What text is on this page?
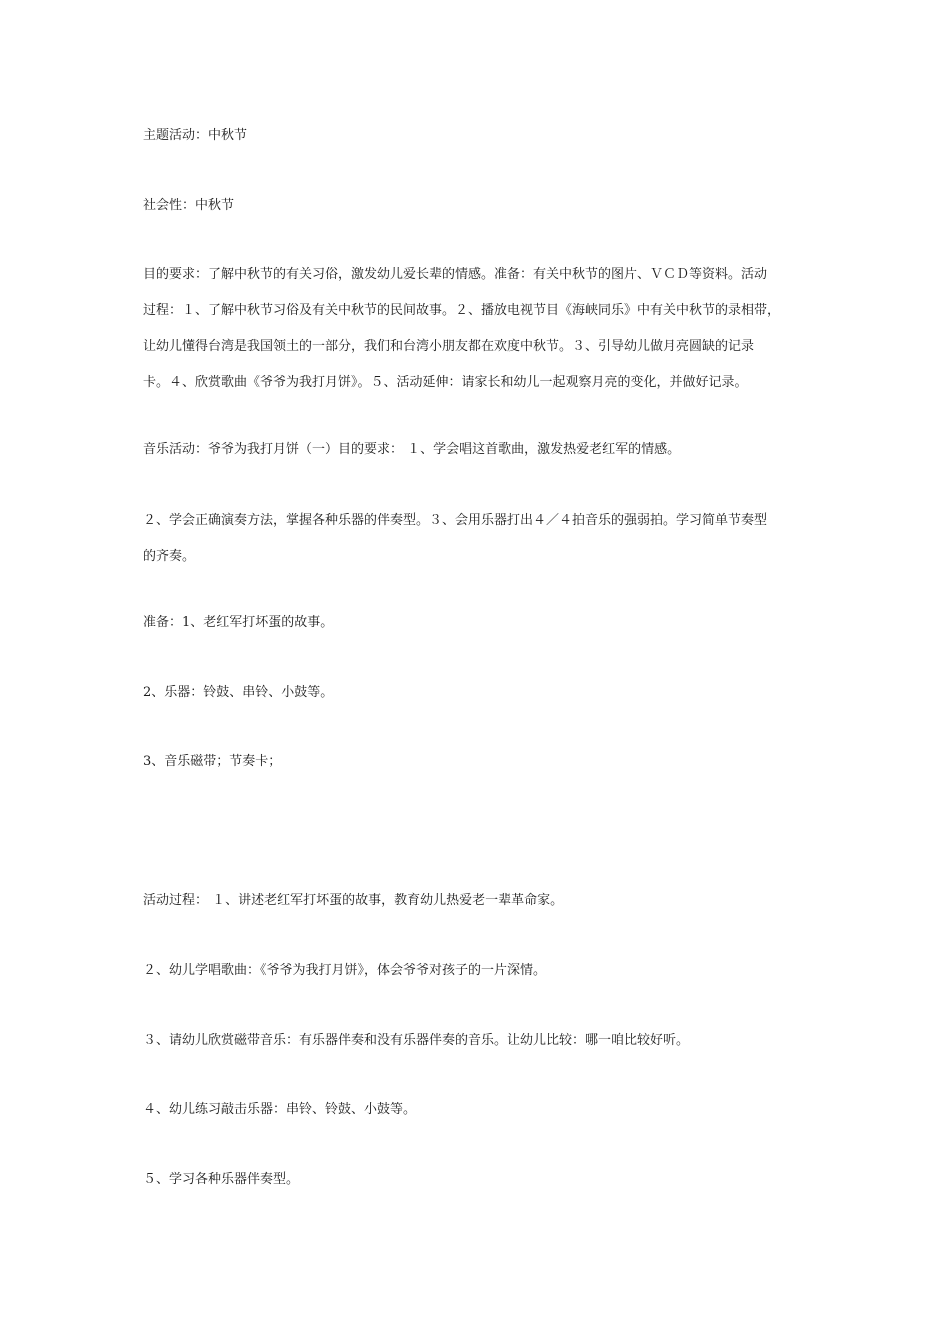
主题活动：中秋节
社会性：中秋节
目的要求：了解中秋节的有关习俗，激发幼儿爱长辈的情感。准备：有关中秋节的图片、ＶＣＤ等资料。活动
过程：１、了解中秋节习俗及有关中秋节的民间故事。２、播放电视节目《海峡同乐》中有关中秋节的录相带，
让幼儿懂得台湾是我国领土的一部分，我们和台湾小朋友都在欢度中秋节。３、引导幼儿做月亮圆缺的记录
卡。４、欣赏歌曲《爷爷为我打月饼》。５、活动延伸：请家长和幼儿一起观察月亮的变化，并做好记录。
音乐活动：爷爷为我打月饼（一）目的要求： １、学会唱这首歌曲，激发热爱老红军的情感。
２、学会正确演奏方法，掌握各种乐器的伴奏型。３、会用乐器打出４／４拍音乐的强弱拍。学习简单节奏型
的齐奏。
准备：1、老红军打坏蛋的故事。
2、乐器：铃鼓、串铃、小鼓等。
3、音乐磁带；节奏卡；
活动过程： １、讲述老红军打坏蛋的故事，教育幼儿热爱老一辈革命家。
２、幼儿学唱歌曲：《爷爷为我打月饼》，体会爷爷对孩子的一片深情。
３、请幼儿欣赏磁带音乐：有乐器伴奏和没有乐器伴奏的音乐。让幼儿比较：哪一咱比较好听。
４、幼儿练习敲击乐器：串铃、铃鼓、小鼓等。
５、学习各种乐器伴奏型。
